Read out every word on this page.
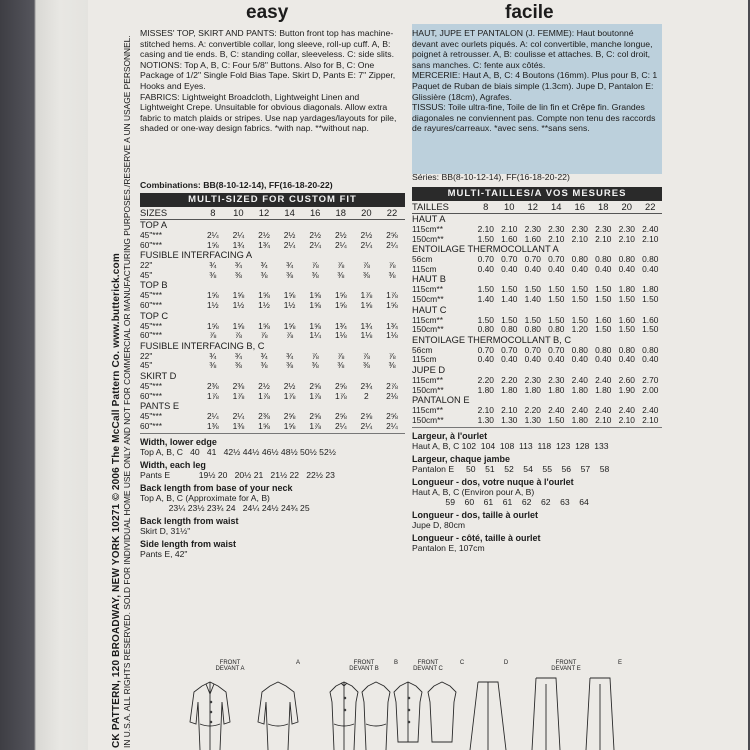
CK PATTERN, 120 BROADWAY, NEW YORK 10271 © 2006 The McCall Pattern Co. www.butterick.com IN U.S.A. ALL RIGHTS RESERVED. SOLD FOR INDIVIDUAL HOME USE ONLY AND NOT FOR COMMERCIAL OR MANUFACTURING PURPOSES./RESERVE A UN USAGE PERSONNEL.
easy	facile
MISSES' TOP, SKIRT AND PANTS: Button front top has machine-stitched hems. A: convertible collar, long sleeve, roll-up cuff. A, B: casing and tie ends. B, C: standing collar, sleeveless. C: side slits.
NOTIONS: Top A, B, C: Four 5/8" Buttons. Also for B, C: One Package of 1/2" Single Fold Bias Tape. Skirt D, Pants E: 7" Zipper, Hooks and Eyes.
FABRICS: Lightweight Broadcloth, Lightweight Linen and Lightweight Crepe. Unsuitable for obvious diagonals. Allow extra fabric to match plaids or stripes. Use nap yardages/layouts for pile, shaded or one-way design fabrics. *with nap. **without nap.
HAUT, JUPE ET PANTALON (J. FEMME): Haut boutonné devant avec ourlets piqués. A: col convertible, manche longue, poignet à retrousser. A, B: coulisse et attaches. B, C: col droit, sans manches. C: fente aux côtés.
MERCERIE: Haut A, B, C: 4 Boutons (16mm). Plus pour B, C: 1 Paquet de Ruban de biais simple (1.3cm). Jupe D, Pantalon E: Glissière (18cm), Agrafes.
TISSUS: Toile ultra-fine, Toile de lin fin et Crêpe fin. Grandes diagonales ne conviennent pas. Compte non tenu des raccords de rayures/carreaux. *avec sens. **sans sens.
Combinations: BB(8-10-12-14), FF(16-18-20-22)
Séries: BB(8-10-12-14), FF(16-18-20-22)
MULTI-SIZED FOR CUSTOM FIT
SIZES	8	10	12	14	16	18	20	22
TOP A
45"***	2¼	2¼	2½	2½	2½	2½	2½	2⅝
60"***	1⅝	1¾	1¾	2¼	2¼	2¼	2¼	2¼
FUSIBLE INTERFACING A
22"	¾	¾	¾	¾	⅞	⅞	⅞	⅞
45"	⅜	⅜	⅜	⅜	⅜	⅜	⅜	⅜
TOP B
45"***	1⅝	1⅝	1⅝	1⅝	1⅝	1⅝	1⅞	1⅞
60"***	1½	1½	1½	1½	1⅝	1⅝	1⅝	1⅝
TOP C
45"***	1⅝	1⅝	1⅝	1⅝	1⅝	1¾	1¾	1¾
60"***	⅞	⅞	⅞	⅞	1¼	1⅛	1⅛	1⅛
FUSIBLE INTERFACING B, C
22"	¾	¾	¾	¾	⅞	⅞	⅞	⅞
45"	⅜	⅜	⅜	⅜	⅜	⅜	⅜	⅜
SKIRT D
45"***	2⅜	2⅜	2½	2½	2⅝	2⅝	2¾	2⅞
60"***	1⅞	1⅞	1⅞	1⅞	1⅞	1⅞	2	2⅛
PANTS E
45"***	2¼	2¼	2⅜	2⅝	2⅝	2⅝	2⅝	2⅝
60"***	1⅜	1⅜	1⅝	1⅝	1⅞	2¼	2¼	2¼
Width, lower edge
Top A, B, C   40   41   42½ 44½ 46½ 48½ 50½ 52½
Width, each leg
Pants E            19½ 20   20½ 21   21½ 22   22½ 23
Back length from base of your neck
Top A, B, C (Approximate for A, B)
23¼ 23½ 23¾ 24   24¼ 24½ 24¾ 25
Back length from waist
Skirt D, 31½"
Side length from waist
Pants E, 42"
MULTI-TAILLES/A VOS MESURES
TAILLES	8	10	12	14	16	18	20	22
HAUT A
115cm**	2.10 2.10 2.30 2.30 2.30 2.30 2.30 2.40
150cm**	1.50 1.60 1.60 2.10 2.10 2.10 2.10 2.10
ENTOILAGE THERMOCOLLANT A
56cm	0.70 0.70 0.70 0.70 0.80 0.80 0.80 0.80
115cm	0.40 0.40 0.40 0.40 0.40 0.40 0.40 0.40
HAUT B
115cm**	1.50 1.50 1.50 1.50 1.50 1.50 1.80 1.80
150cm**	1.40 1.40 1.40 1.50 1.50 1.50 1.50 1.50
HAUT C
115cm**	1.50 1.50 1.50 1.50 1.50 1.60 1.60 1.60
150cm**	0.80 0.80 0.80 0.80 1.20 1.50 1.50 1.50
ENTOILAGE THERMOCOLLANT B, C
56cm	0.70 0.70 0.70 0.70 0.80 0.80 0.80 0.80
115cm	0.40 0.40 0.40 0.40 0.40 0.40 0.40 0.40
JUPE D
115cm**	2.20 2.20 2.30 2.30 2.40 2.40 2.60 2.70
150cm**	1.80 1.80 1.80 1.80 1.80 1.80 1.90 2.00
PANTALON E
115cm**	2.10 2.10 2.20 2.40 2.40 2.40 2.40 2.40
150cm**	1.30 1.30 1.30 1.50 1.80 2.10 2.10 2.10
Largeur, à l'ourlet
Haut A, B, C 102  104  108  113  118  123  128  133
Largeur, chaque jambe
Pantalon E     50    51    52    54    55    56    57    58
Longueur - dos, votre nuque à l'ourlet
Haut A, B, C (Environ pour A, B)
59    60    61    61    62    62    63    64
Longueur - dos, taille à ourlet
Jupe D, 80cm
Longueur - côté, taille à ourlet
Pantalon E, 107cm
FRONT DEVANT A
A	FRONT DEVANT B
B	FRONT DEVANT C
C	D	FRONT DEVANT E
E
